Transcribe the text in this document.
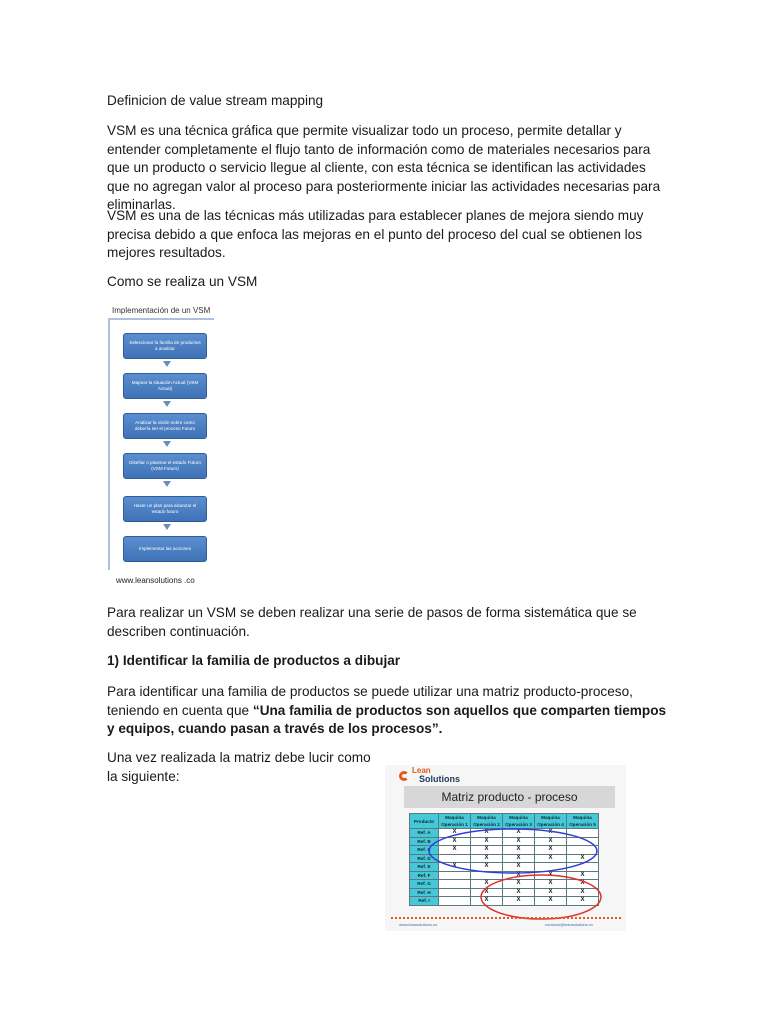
Definicion de value stream mapping

VSM es una técnica gráfica que permite visualizar todo un proceso, permite detallar y entender completamente el flujo tanto de información como de materiales necesarios para que un producto o servicio llegue al cliente, con esta técnica se identifican las actividades que no agregan valor al proceso para posteriormente iniciar las actividades necesarias para eliminarlas.

VSM es una de las técnicas más utilizadas para establecer planes de mejora siendo muy precisa debido a que enfoca las mejoras en el punto del proceso del cual se obtienen los mejores resultados.

Como se realiza un VSM

Implementación de un VSM
Seleccionar la familia de productos a analizar
Mapear la situación Actual (VSM Actual)
Analizar la visión sobre como debería ser el proceso Futuro
Diseñar o plasmar el estado Futuro (VSM Futuro)
Hacer un plan para alcanzar el estado futuro
Implementar las acciones
www.leansolutions .co

Para realizar un VSM se deben realizar una serie de pasos de forma sistemática que se describen continuación.

1) Identificar la familia de productos a dibujar

Para identificar una familia de productos se puede utilizar una matriz producto-proceso, teniendo en cuenta que “Una familia de productos son aquellos que comparten tiempos y equipos, cuando pasan a través de los procesos”.

Una vez realizada la matriz debe lucir como la siguiente:	Lean
Solutions
Matriz producto - proceso
Producto	Maquina Operación 1	Maquina Operación 2	Maquina Operación 3	Maquina Operación 4	Maquina Operación 5
Ref. A	X	X	X	X	
Ref. B	X	X	X	X	
Ref. C	X	X	X	X	
Ref. D		X	X	X	X
Ref. E	X	X	X		
Ref. F			X	X	X
Ref. G		X	X	X	X
Ref. H		X	X	X	X
Ref. I		X	X	X	X
www.leansolutions.co	contacto@leansolutions.co
